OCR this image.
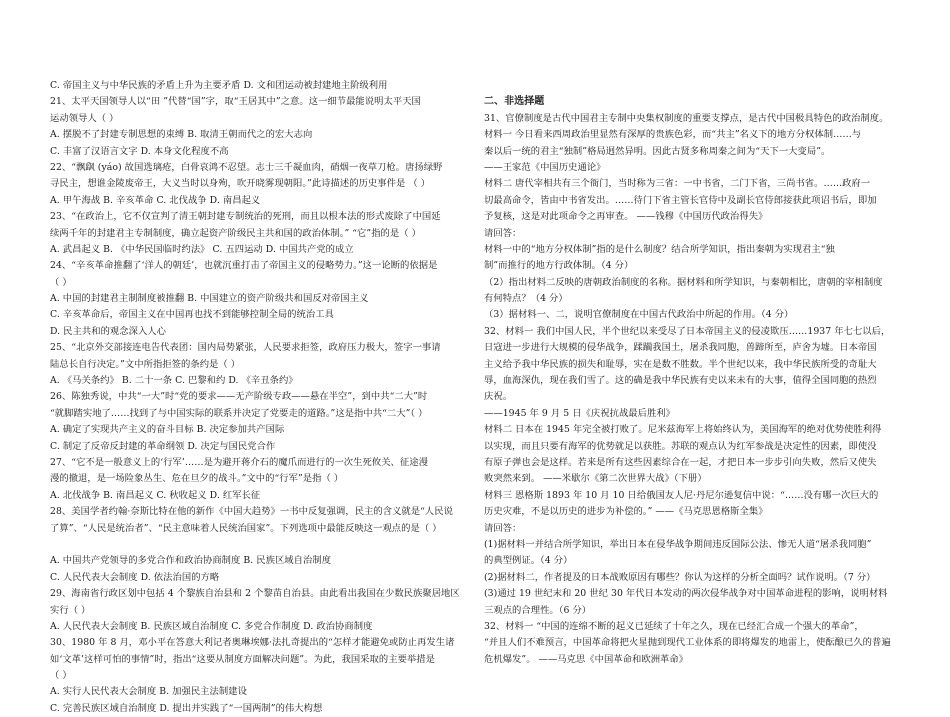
C. 帝国主义与中华民族的矛盾上升为主要矛盾 D. 文和团运动被封建地主阶级利用
21、太平天国领导人以“田 ”代替“国”字，取“王居其中”之意。这一细节最能说明太平天国
运动领导人（ ）
A. 摆脱不了封建专制思想的束缚 B. 取清王朝而代之的宏大志向
C. 丰富了汉语言文字 D. 本身文化程度不高
22、“飘飖 (yáo) 故国选璃疮，白骨哀鸿不忍望。志士三千凝血肉，硝烟一夜草刀枪。唐扬绿野
寻民主，想谁金陵废帝王，大义当时以身殉，吹开晓雾现朝阳。”此诗描述的历史事件是 （ ）
A. 甲午海战 B. 辛亥革命 C. 北伐战争 D. 南昌起义
23、“在政治上，它不仅宣判了清王朝封建专制统治的死刑，而且以根本法的形式废除了中国延
续两千年的封建君主专制制度，确立起资产阶级民主共和国的政治体制。” “它”指的是（ ）
A. 武昌起义 B. 《中华民国临时约法》 C. 五四运动 D. 中国共产党的成立
24、“辛亥革命推翻了‘洋人的朝廷’，也就沉重打击了帝国主义的侵略势力。”这一论断的依据是
（ ）
A. 中国的封建君主制制度被推翻 B. 中国建立的资产阶级共和国反对帝国主义
C. 辛亥革命后，帝国主义在中国再也找不到能够控制全局的统治工具
D. 民主共和的观念深入人心
25、“北京外交部接连电告代表团：国内局势紧张，人民要求拒签，政府压力极大，签字一事请
陆总长自行决定。”文中所指拒签的条约是（ ）
A. 《马关条约》 B. 二十一条 C. 巴黎和约 D. 《辛丑条约》
26、陈独秀说，中共“一大”时“党的要求——无产阶级专政——悬在半空”，到中共“二大”时
“就脚踏实地了……找到了与中国实际的联系并决定了党要走的道路。”这是指中共“二大”（ ）
A. 确定了实现共产主义的奋斗目标 B. 决定参加共产国际
C. 制定了反帝反封建的革命纲领 D. 决定与国民党合作
27、“它不是一般意义上的‘行军’……是为避开蒋介石的魔爪而进行的一次生死攸关、征途漫
漫的撤退，是一场险象丛生、危在旦夕的战斗。”文中的“行军”是指（ ）
A. 北伐战争 B. 南昌起义 C. 秋收起义 D. 红军长征
28、美国学者约翰·奈斯比特在他的新作《中国大趋势》一书中反复强调，民主的含义就是“人民说
了算”、“人民是统治者”、“民主意味着人民统治国家”。下列选项中最能反映这一观点的是（ ）
A. 中国共产党领导的多党合作和政治协商制度 B. 民族区域自治制度
C. 人民代表大会制度 D. 依法治国的方略
29、海南省行政区划中包括 4 个黎族自治县和 2 个黎苗自治县。由此看出我国在少数民族聚居地区
实行（ ）
A. 人民代表大会制度 B. 民族区域自治制度 C. 多党合作制度 D. 政治协商制度
30、1980 年 8 月，邓小平在答意大利记者奥琳埃娜·法扎奇提出的“怎样才能避免或防止再发生诸
如‘文革’这样可怕的事情”时，指出“这要从制度方面解决问题”。为此，我国采取的主要举措是
（ ）
A. 实行人民代表大会制度 B. 加强民主法制建设
C. 完善民族区域自治制度 D. 提出并实践了“一国两制”的伟大构想
二、非选择题
31、官僚制度是古代中国君主专制中央集权制度的重要支撑点，是古代中国极具特色的政治制度。
材料一 今日看来西周政治里显然有深厚的贵族色彩，而“共主”名义下的地方分权体制……与
秦以后一统的君主“独制”格局迥然异明。因此古贤多称周秦之间为“天下一大变局”。
——王家范《中国历史通论》
材料二 唐代宰相共有三个衙门，当时称为三省：一中书省，二门下省，三尚书省。……政府一
切最高命令，皆由中书省发出。……待门下省主管长官侍中及副长官侍郎接获此项诏书后，即加
予复核，这是对此项命令之再审查。 ——钱穆《中国历代政治得失》
请回答：
材料一中的“地方分权体制”指的是什么制度？结合所学知识，指出秦朝为实现君主“独
制”而推行的地方行政体制。（4 分）
（2）指出材料二反映的唐朝政治制度的名称。据材料和所学知识，与秦朝相比，唐朝的宰相制度
有何特点？（4 分）
（3）据材料一、二，说明官僚制度在中国古代政治中所起的作用。（4 分）
32、材料一 我们中国人民，半个世纪以来受尽了日本帝国主义的侵凌欺压……1937 年七七以后，
日寇进一步进行大规模的侵华战争，蹂躏我国土，屠杀我同胞，兽蹄所至，庐舍为墟。日本帝国
主义给予我中华民族的损失和耻辱，实在是数不胜数。半个世纪以来，我中华民族所受的奇耻大
辱，血海深仇，现在我们雪了。这的确是我中华民族有史以来未有的大事，值得全国同胞的热烈
庆祝。
——1945 年 9 月 5 日《庆祝抗战最后胜利》
材料二 日本在 1945 年完全被打败了。尼米兹海军上将始终认为，美国海军的绝对优势使胜利得
以实现，而且只要有海军的优势就足以获胜。苏联的观点认为红军参战是决定性的因素，即使没
有原子弹也会是这样。若来是所有这些因素综合在一起，才把日本一步步引向失败，然后又使失
败突然来到。 ——米歇尔《第二次世界大战》（下册）
材料三 恩格斯 1893 年 10 月 10 日给俄国友人尼·丹尼尔逊复信中说：“……没有哪一次巨大的
历史灾难，不是以历史的进步为补偿的。” ——《马克思恩格斯全集》
请回答：
(1)据材料一并结合所学知识，举出日本在侵华战争期间违反国际公法、惨无人道“屠杀我同胞”
的典型例证。（4 分）
(2)据材料二，作者提及的日本战败原因有哪些？你认为这样的分析全面吗？试作说明。（7 分）
(3)通过 19 世纪末和 20 世纪 30 年代日本发动的两次侵华战争对中国革命进程的影响，说明材料
三观点的合理性。（6 分）
32、材料一 “中国的连绵不断的起义已延续了十年之久，现在已经汇合成一个强大的革命”，
“并且人们不难预言，中国革命将把火星抛到现代工业体系的即将爆发的地雷上，使酝酿已久的普遍
危机爆发”。 ——马克思《中国革命和欧洲革命》
